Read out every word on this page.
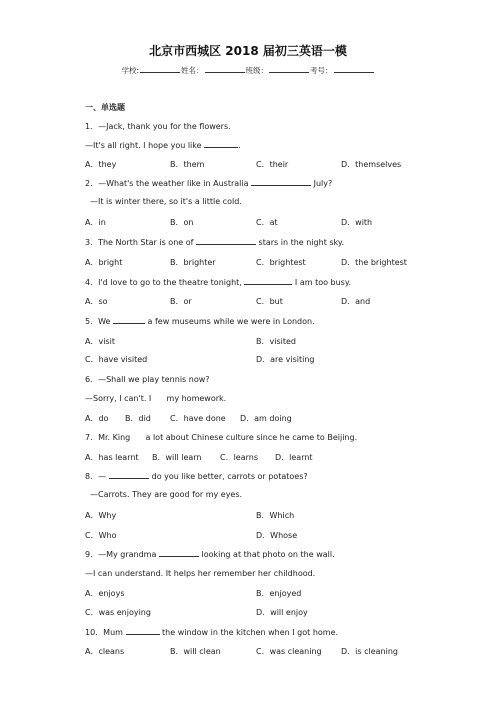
北京市西城区 2018 届初三英语一模
学校:	姓名：	班级：	考号：
一、单选题
1．—Jack, thank you for the flowers.
—It's all right. I hope you like	.
A．they	B．them	C．their	D．themselves
2．—What's the weather like in Australia	July?
—It is winter there, so it's a little cold.
A．in	B．on	C．at	D．with
3．The North Star is one of	stars in the night sky.
A．bright	B．brighter	C．brightest	D．the brightest
4．I'd love to go to the theatre tonight,	I am too busy.
A．so	B．or	C．but	D．and
5．We	a few museums while we were in London.
A．visit	B．visited
C．have visited	D．are visiting
6．—Shall we play tennis now?
—Sorry, I can't. I      my homework.
A．do B．did C．have done D．am doing
7．Mr. King      a lot about Chinese culture since he came to Beijing.
A．has learnt B．will learn C．learns D．learnt
8．—	do you like better, carrots or potatoes?
—Carrots. They are good for my eyes.
A．Why	B．Which
C．Who	D．Whose
9．—My grandma	looking at that photo on the wall.
—I can understand. It helps her remember her childhood.
A．enjoys	B．enjoyed
C．was enjoying	D．will enjoy
10．Mum	the window in the kitchen when I got home.
A．cleans	B．will clean	C．was cleaning D．is cleaning
